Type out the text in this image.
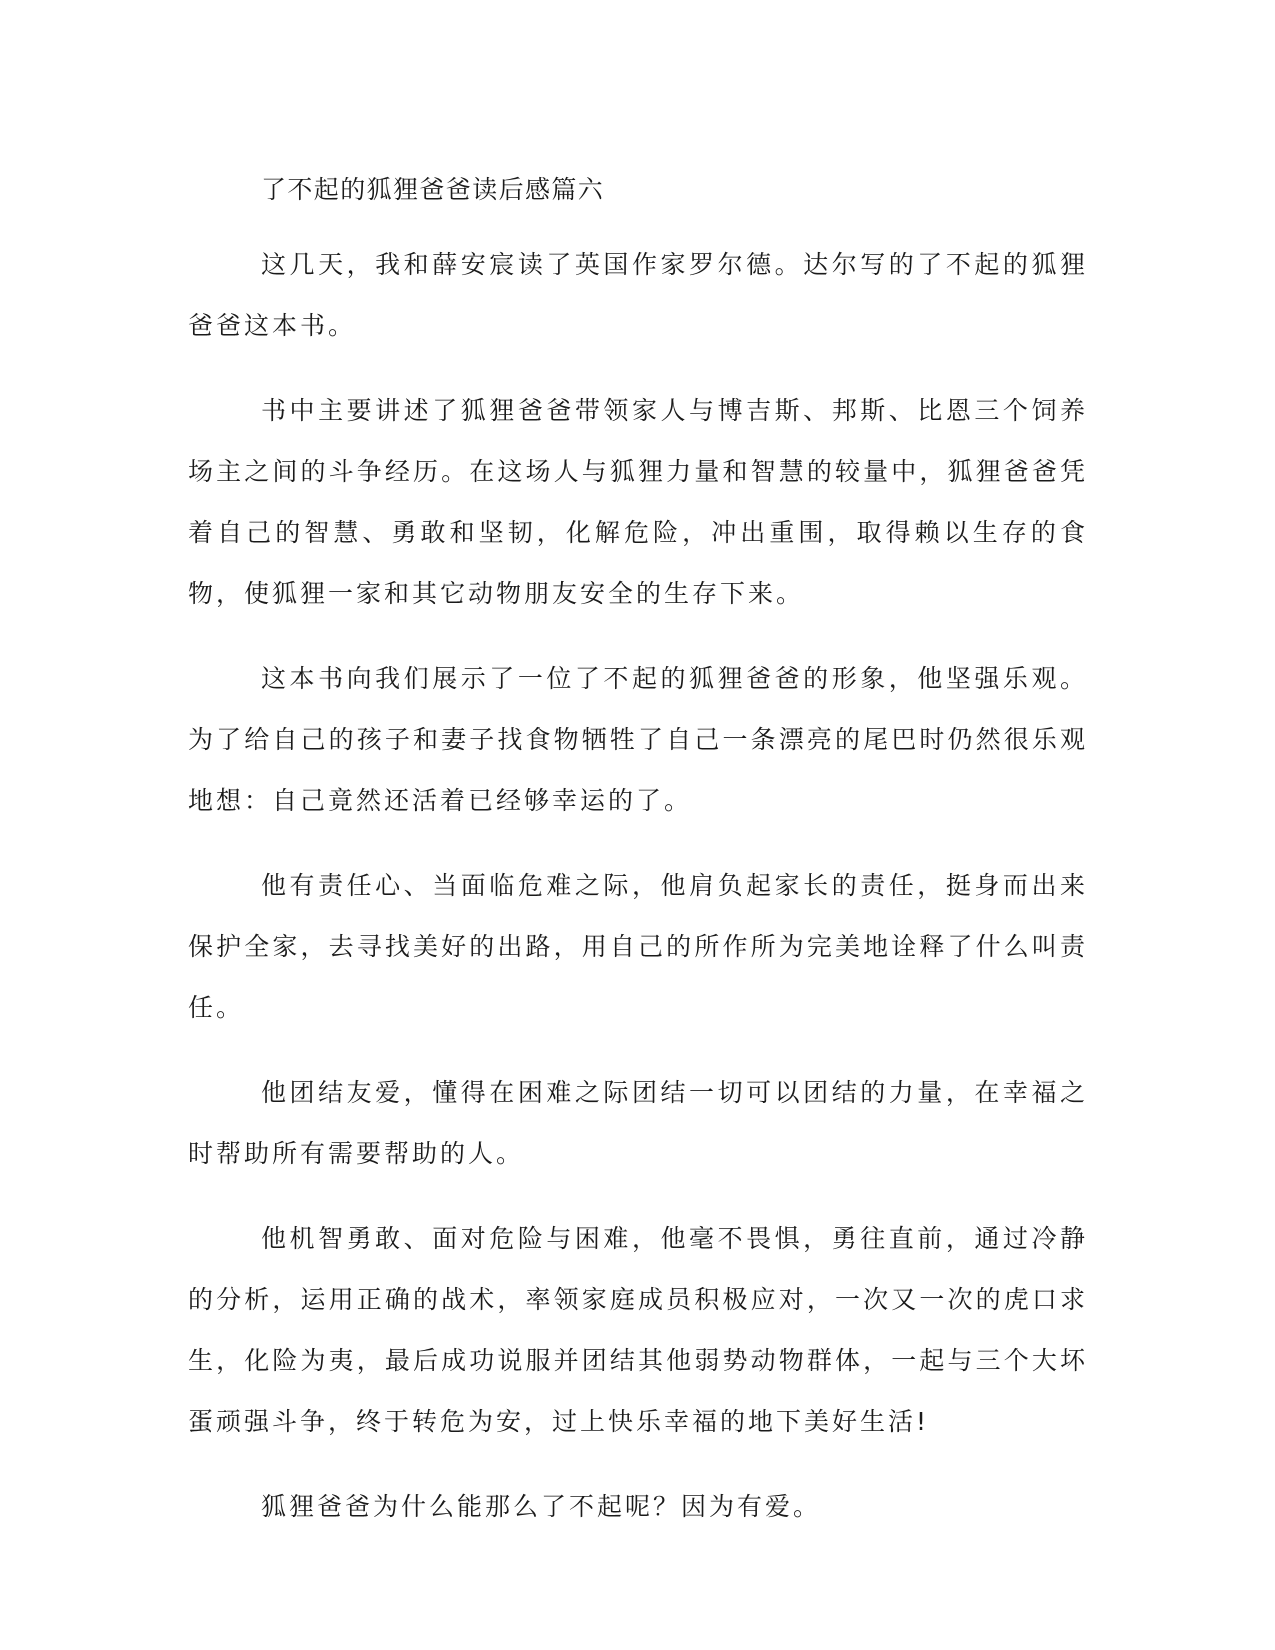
了不起的狐狸爸爸读后感篇六

这几天，我和薛安宸读了英国作家罗尔德。达尔写的了不起的狐狸爸爸这本书。

书中主要讲述了狐狸爸爸带领家人与博吉斯、邦斯、比恩三个饲养场主之间的斗争经历。在这场人与狐狸力量和智慧的较量中，狐狸爸爸凭着自己的智慧、勇敢和坚韧，化解危险，冲出重围，取得赖以生存的食物，使狐狸一家和其它动物朋友安全的生存下来。

这本书向我们展示了一位了不起的狐狸爸爸的形象，他坚强乐观。为了给自己的孩子和妻子找食物牺牲了自己一条漂亮的尾巴时仍然很乐观地想：自己竟然还活着已经够幸运的了。

他有责任心、当面临危难之际，他肩负起家长的责任，挺身而出来保护全家，去寻找美好的出路，用自己的所作所为完美地诠释了什么叫责任。

他团结友爱，懂得在困难之际团结一切可以团结的力量，在幸福之时帮助所有需要帮助的人。

他机智勇敢、面对危险与困难，他毫不畏惧，勇往直前，通过冷静的分析，运用正确的战术，率领家庭成员积极应对，一次又一次的虎口求生，化险为夷，最后成功说服并团结其他弱势动物群体，一起与三个大坏蛋顽强斗争，终于转危为安，过上快乐幸福的地下美好生活!

狐狸爸爸为什么能那么了不起呢？因为有爱。
